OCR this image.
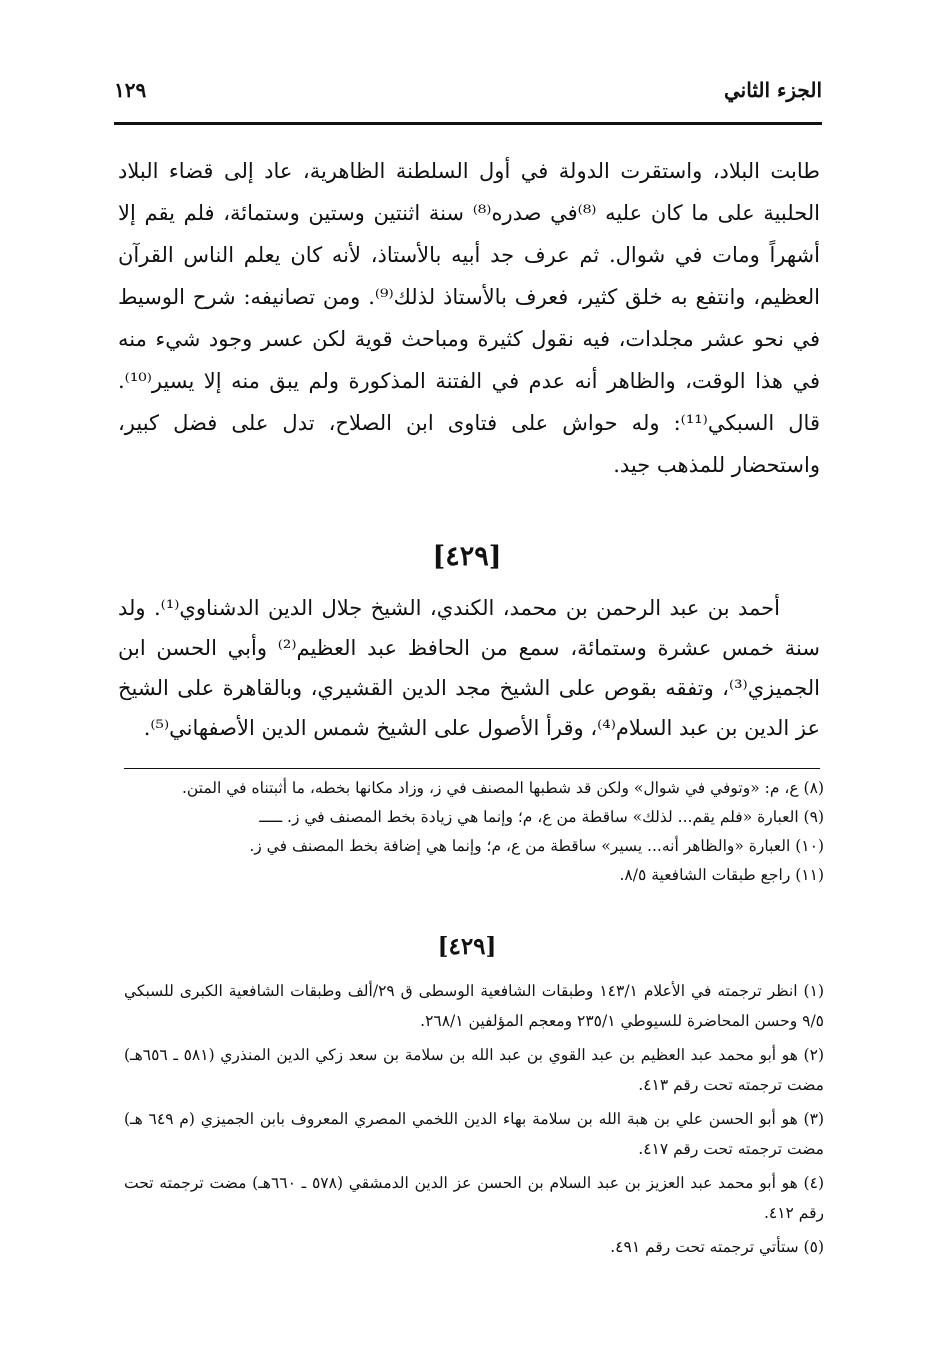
الجزء الثاني
١٢٩

طابت البلاد، واستقرت الدولة في أول السلطنة الظاهرية، عاد إلى قضاء البلاد الحلبية على ما كان عليه ⁽⁸⁾في صدره⁽⁸⁾ سنة اثنتين وستين وستمائة، فلم يقم إلا أشهراً ومات في شوال. ثم عرف جد أبيه بالأستاذ، لأنه كان يعلم الناس القرآن العظيم، وانتفع به خلق كثير، فعرف بالأستاذ لذلك⁽⁹⁾. ومن تصانيفه: شرح الوسيط في نحو عشر مجلدات، فيه نقول كثيرة ومباحث قوية لكن عسر وجود شيء منه في هذا الوقت، والظاهر أنه عدم في الفتنة المذكورة ولم يبق منه إلا يسير⁽¹⁰⁾. قال السبكي⁽¹¹⁾: وله حواش على فتاوى ابن الصلاح، تدل على فضل كبير، واستحضار للمذهب جيد.

[٤٢٩]

أحمد بن عبد الرحمن بن محمد، الكندي، الشيخ جلال الدين الدشناوي⁽¹⁾. ولد سنة خمس عشرة وستمائة، سمع من الحافظ عبد العظيم⁽²⁾ وأبي الحسن ابن الجميزي⁽³⁾، وتفقه بقوص على الشيخ مجد الدين القشيري، وبالقاهرة على الشيخ عز الدين بن عبد السلام⁽⁴⁾، وقرأ الأصول على الشيخ شمس الدين الأصفهاني⁽⁵⁾.

(٨) ع، م: «وتوفي في شوال» ولكن قد شطبها المصنف في ز، وزاد مكانها بخطه، ما أثبتناه في المتن.

(٩) العبارة «فلم يقم... لذلك» ساقطة من ع، م؛ وإنما هي زيادة بخط المصنف في ز. ـــــ

(١٠) العبارة «والظاهر أنه... يسير» ساقطة من ع، م؛ وإنما هي إضافة بخط المصنف في ز.

(١١) راجع طبقات الشافعية ٨/٥.

[٤٢٩]

(١) انظر ترجمته في الأعلام ١٤٣/١ وطبقات الشافعية الوسطى ق ٢٩/ألف وطبقات الشافعية الكبرى للسبكي ٩/٥ وحسن المحاضرة للسيوطي ٢٣٥/١ ومعجم المؤلفين ٢٦٨/١.

(٢) هو أبو محمد عبد العظيم بن عبد القوي بن عبد الله بن سلامة بن سعد زكي الدين المنذري (٥٨١ ـ ٦٥٦هـ) مضت ترجمته تحت رقم ٤١٣.

(٣) هو أبو الحسن علي بن هبة الله بن سلامة بهاء الدين اللخمي المصري المعروف بابن الجميزي (م ٦٤٩ هـ) مضت ترجمته تحت رقم ٤١٧.

(٤) هو أبو محمد عبد العزيز بن عبد السلام بن الحسن عز الدين الدمشقي (٥٧٨ ـ ٦٦٠هـ) مضت ترجمته تحت رقم ٤١٢.

(٥) ستأتي ترجمته تحت رقم ٤٩١.
